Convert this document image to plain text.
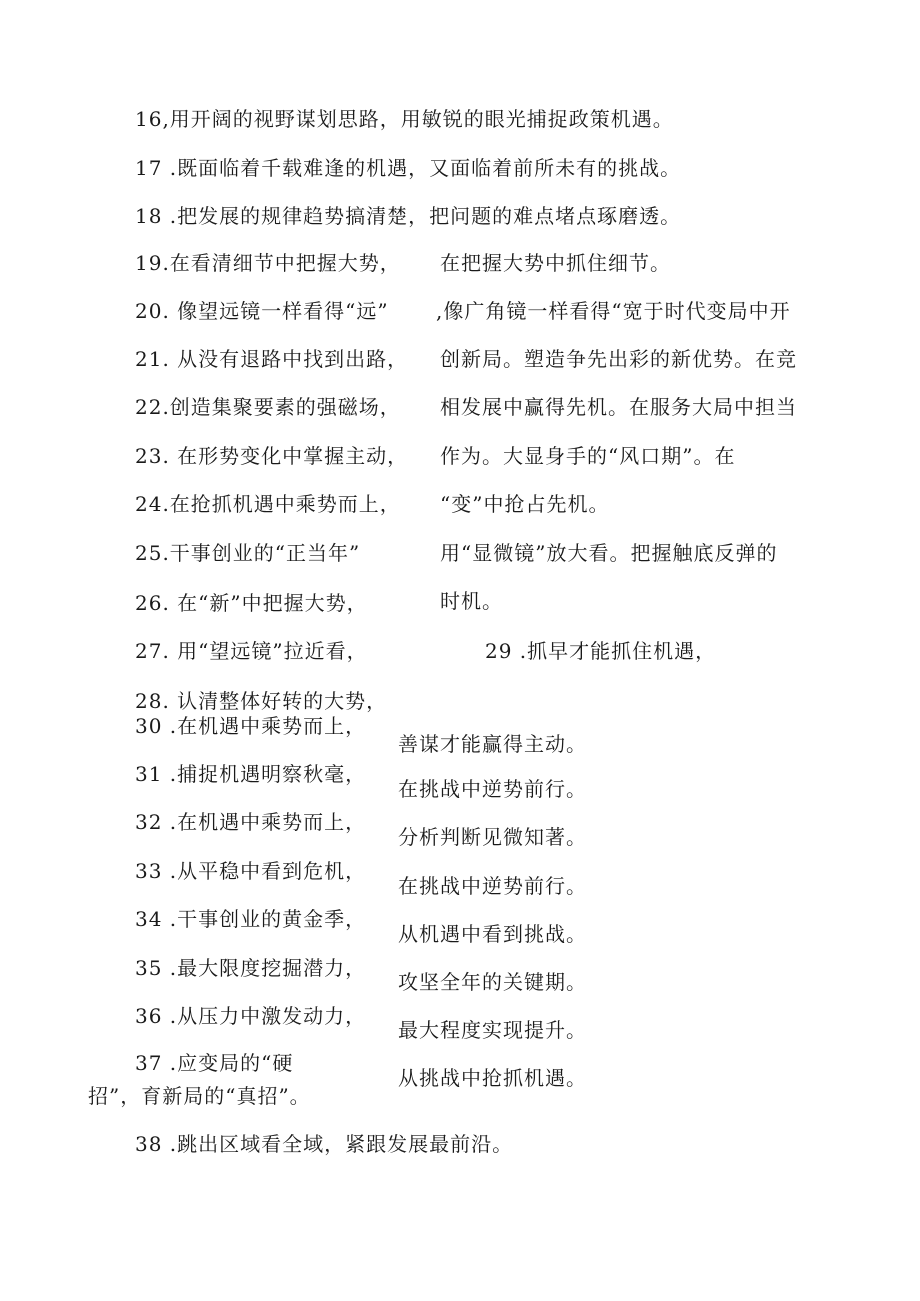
16,用开阔的视野谋划思路，用敏锐的眼光捕捉政策机遇。
17 .既面临着千载难逢的机遇，又面临着前所未有的挑战。
18 .把发展的规律趋势搞清楚，把问题的难点堵点琢磨透。
19.在看清细节中把握大势，
20. 像望远镜一样看得“远”
21. 从没有退路中找到出路，
22.创造集聚要素的强磁场，
23. 在形势变化中掌握主动，
24.在抢抓机遇中乘势而上，
25.干事创业的“正当年”
26. 在“新”中把握大势，
27. 用“望远镜”拉近看，
28. 认清整体好转的大势，
在把握大势中抓住细节。
,像广角镜一样看得“宽于时代变局中开
创新局。塑造争先出彩的新优势。在竞
相发展中赢得先机。在服务大局中担当
作为。大显身手的“风口期”。在
“变”中抢占先机。
用“显微镜”放大看。把握触底反弹的
时机。
29 .抓早才能抓住机遇，
30 .在机遇中乘势而上，
31 .捕捉机遇明察秋毫，
32 .在机遇中乘势而上，
33 .从平稳中看到危机，
34 .干事创业的黄金季，
35 .最大限度挖掘潜力，
36 .从压力中激发动力，
37 .应变局的“硬
招”，育新局的“真招”。
善谋才能赢得主动。
在挑战中逆势前行。
分析判断见微知著。
在挑战中逆势前行。
从机遇中看到挑战。
攻坚全年的关键期。
最大程度实现提升。
从挑战中抢抓机遇。
38 .跳出区域看全域，紧跟发展最前沿。
